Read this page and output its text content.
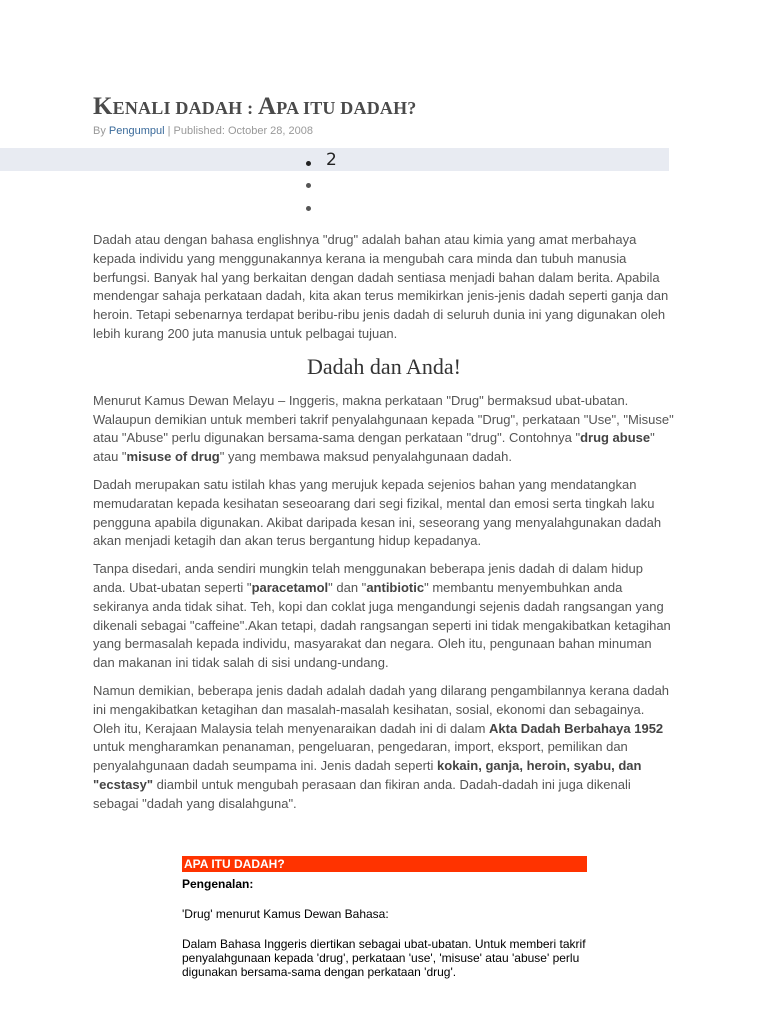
KENALI DADAH : APA ITU DADAH?
By Pengumpul | Published: October 28, 2008
2

Dadah atau dengan bahasa englishnya "drug" adalah bahan atau kimia yang amat merbahaya kepada individu yang menggunakannya kerana ia mengubah cara minda dan tubuh manusia berfungsi. Banyak hal yang berkaitan dengan dadah sentiasa menjadi bahan dalam berita. Apabila mendengar sahaja perkataan dadah, kita akan terus memikirkan jenis-jenis dadah seperti ganja dan heroin. Tetapi sebenarnya terdapat beribu-ribu jenis dadah di seluruh dunia ini yang digunakan oleh lebih kurang 200 juta manusia untuk pelbagai tujuan.

Dadah dan Anda!

Menurut Kamus Dewan Melayu – Inggeris, makna perkataan "Drug" bermaksud ubat-ubatan. Walaupun demikian untuk memberi takrif penyalahgunaan kepada "Drug", perkataan "Use", "Misuse" atau "Abuse" perlu digunakan bersama-sama dengan perkataan "drug". Contohnya "drug abuse" atau "misuse of drug" yang membawa maksud penyalahgunaan dadah.

Dadah merupakan satu istilah khas yang merujuk kepada sejenios bahan yang mendatangkan memudaratan kepada kesihatan seseoarang dari segi fizikal, mental dan emosi serta tingkah laku pengguna apabila digunakan. Akibat daripada kesan ini, seseorang yang menyalahgunakan dadah akan menjadi ketagih dan akan terus bergantung hidup kepadanya.

Tanpa disedari, anda sendiri mungkin telah menggunakan beberapa jenis dadah di dalam hidup anda. Ubat-ubatan seperti "paracetamol" dan "antibiotic" membantu menyembuhkan anda sekiranya anda tidak sihat. Teh, kopi dan coklat juga mengandungi sejenis dadah rangsangan yang dikenali sebagai "caffeine".Akan tetapi, dadah rangsangan seperti ini tidak mengakibatkan ketagihan yang bermasalah kepada individu, masyarakat dan negara. Oleh itu, pengunaan bahan minuman dan makanan ini tidak salah di sisi undang-undang.

Namun demikian, beberapa jenis dadah adalah dadah yang dilarang pengambilannya kerana dadah ini mengakibatkan ketagihan dan masalah-masalah kesihatan, sosial, ekonomi dan sebagainya. Oleh itu, Kerajaan Malaysia telah menyenaraikan dadah ini di dalam Akta Dadah Berbahaya 1952 untuk mengharamkan penanaman, pengeluaran, pengedaran, import, eksport, pemilikan dan penyalahgunaan dadah seumpama ini. Jenis dadah seperti kokain, ganja, heroin, syabu, dan "ecstasy" diambil untuk mengubah perasaan dan fikiran anda. Dadah-dadah ini juga dikenali sebagai "dadah yang disalahguna".

APA ITU DADAH?

Pengenalan:

'Drug' menurut Kamus Dewan Bahasa:

Dalam Bahasa Inggeris diertikan sebagai ubat-ubatan. Untuk memberi takrif penyalahgunaan kepada 'drug', perkataan 'use', 'misuse' atau 'abuse' perlu digunakan bersama-sama dengan perkataan 'drug'.
